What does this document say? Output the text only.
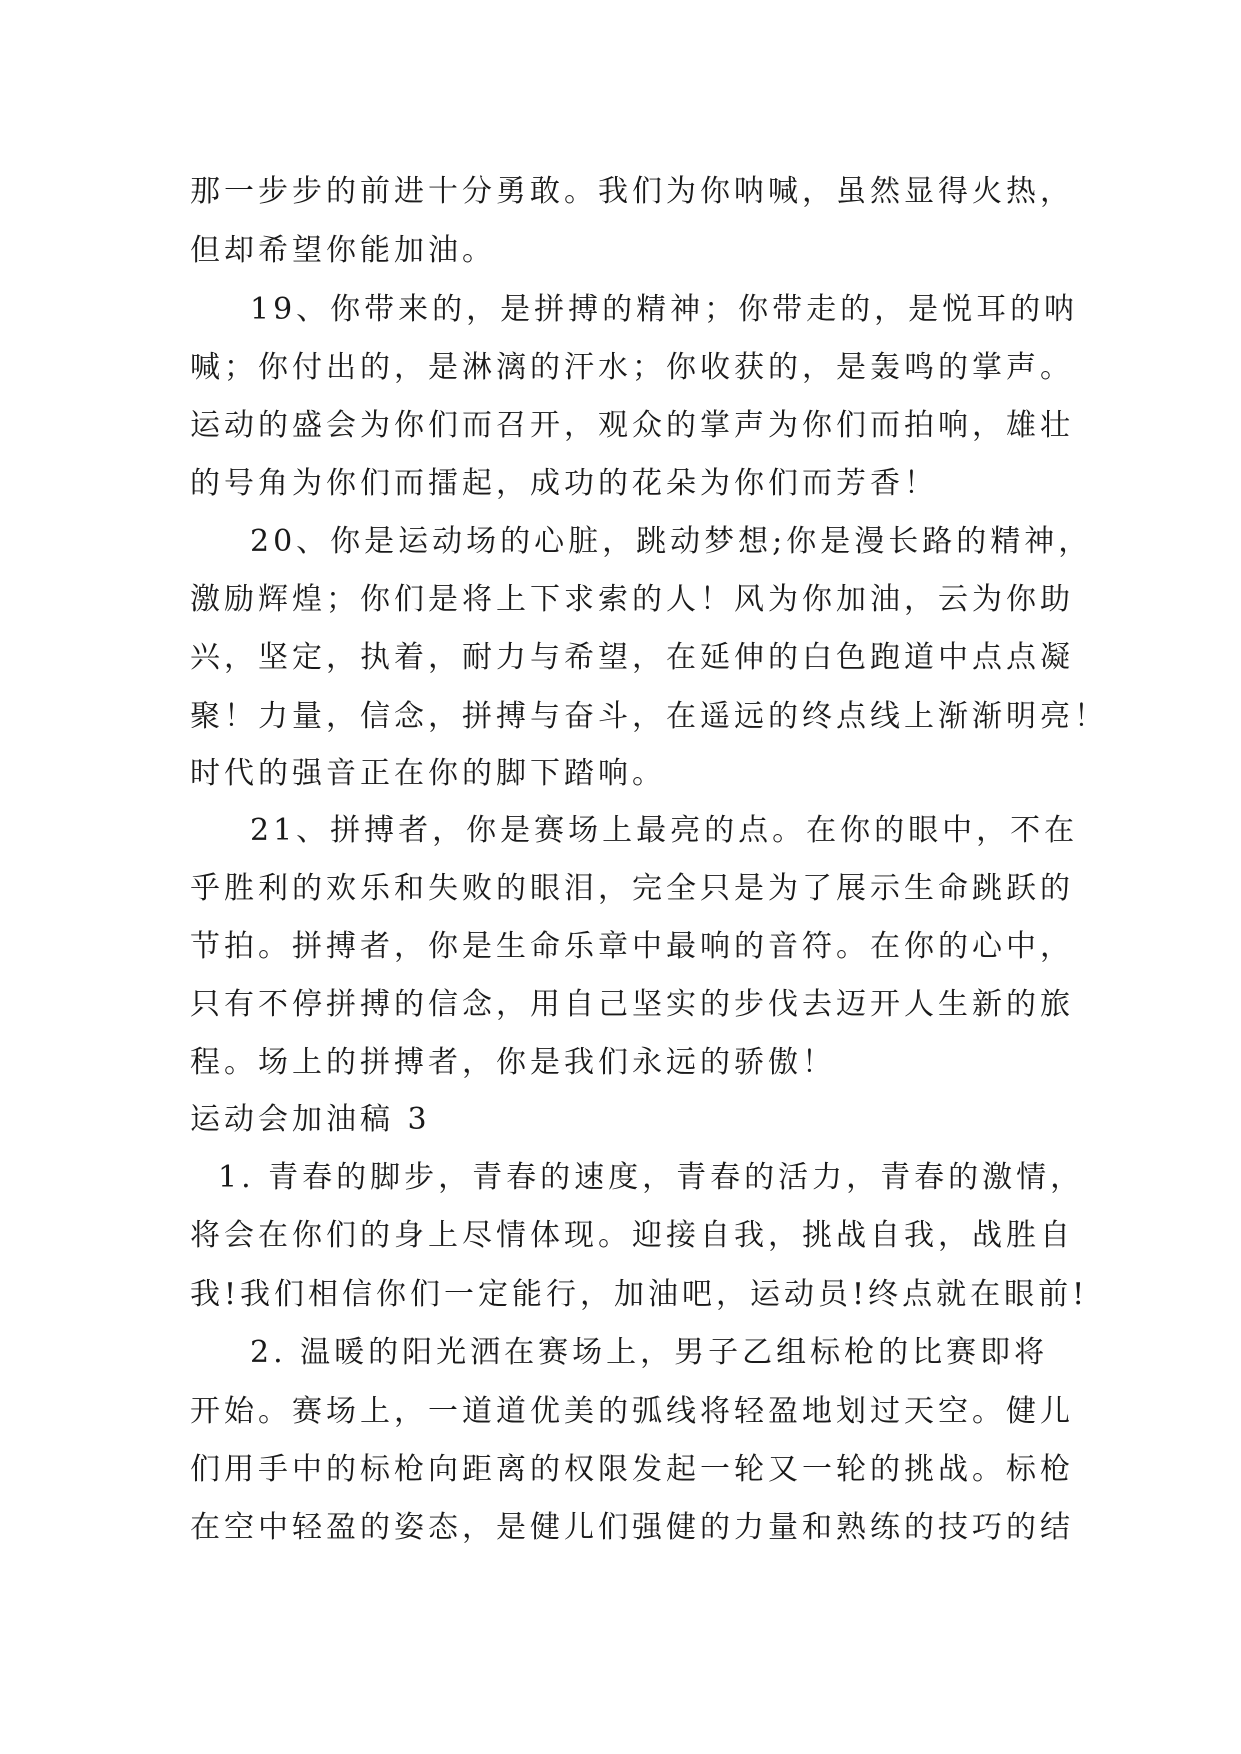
那一步步的前进十分勇敢。我们为你呐喊，虽然显得火热，
但却希望你能加油。
19、你带来的，是拼搏的精神；你带走的，是悦耳的呐
喊；你付出的，是淋漓的汗水；你收获的，是轰鸣的掌声。
运动的盛会为你们而召开，观众的掌声为你们而拍响，雄壮
的号角为你们而擂起，成功的花朵为你们而芳香！
20、你是运动场的心脏，跳动梦想;你是漫长路的精神，
激励辉煌；你们是将上下求索的人！风为你加油，云为你助
兴，坚定，执着，耐力与希望，在延伸的白色跑道中点点凝
聚！力量，信念，拼搏与奋斗，在遥远的终点线上渐渐明亮！
时代的强音正在你的脚下踏响。
21、拼搏者，你是赛场上最亮的点。在你的眼中，不在
乎胜利的欢乐和失败的眼泪，完全只是为了展示生命跳跃的
节拍。拼搏者，你是生命乐章中最响的音符。在你的心中，
只有不停拼搏的信念，用自己坚实的步伐去迈开人生新的旅
程。场上的拼搏者，你是我们永远的骄傲！
运动会加油稿 3
1. 青春的脚步，青春的速度，青春的活力，青春的激情，
将会在你们的身上尽情体现。迎接自我，挑战自我，战胜自
我!我们相信你们一定能行，加油吧，运动员!终点就在眼前!
2. 温暖的阳光洒在赛场上，男子乙组标枪的比赛即将
开始。赛场上，一道道优美的弧线将轻盈地划过天空。健儿
们用手中的标枪向距离的权限发起一轮又一轮的挑战。标枪
在空中轻盈的姿态，是健儿们强健的力量和熟练的技巧的结
